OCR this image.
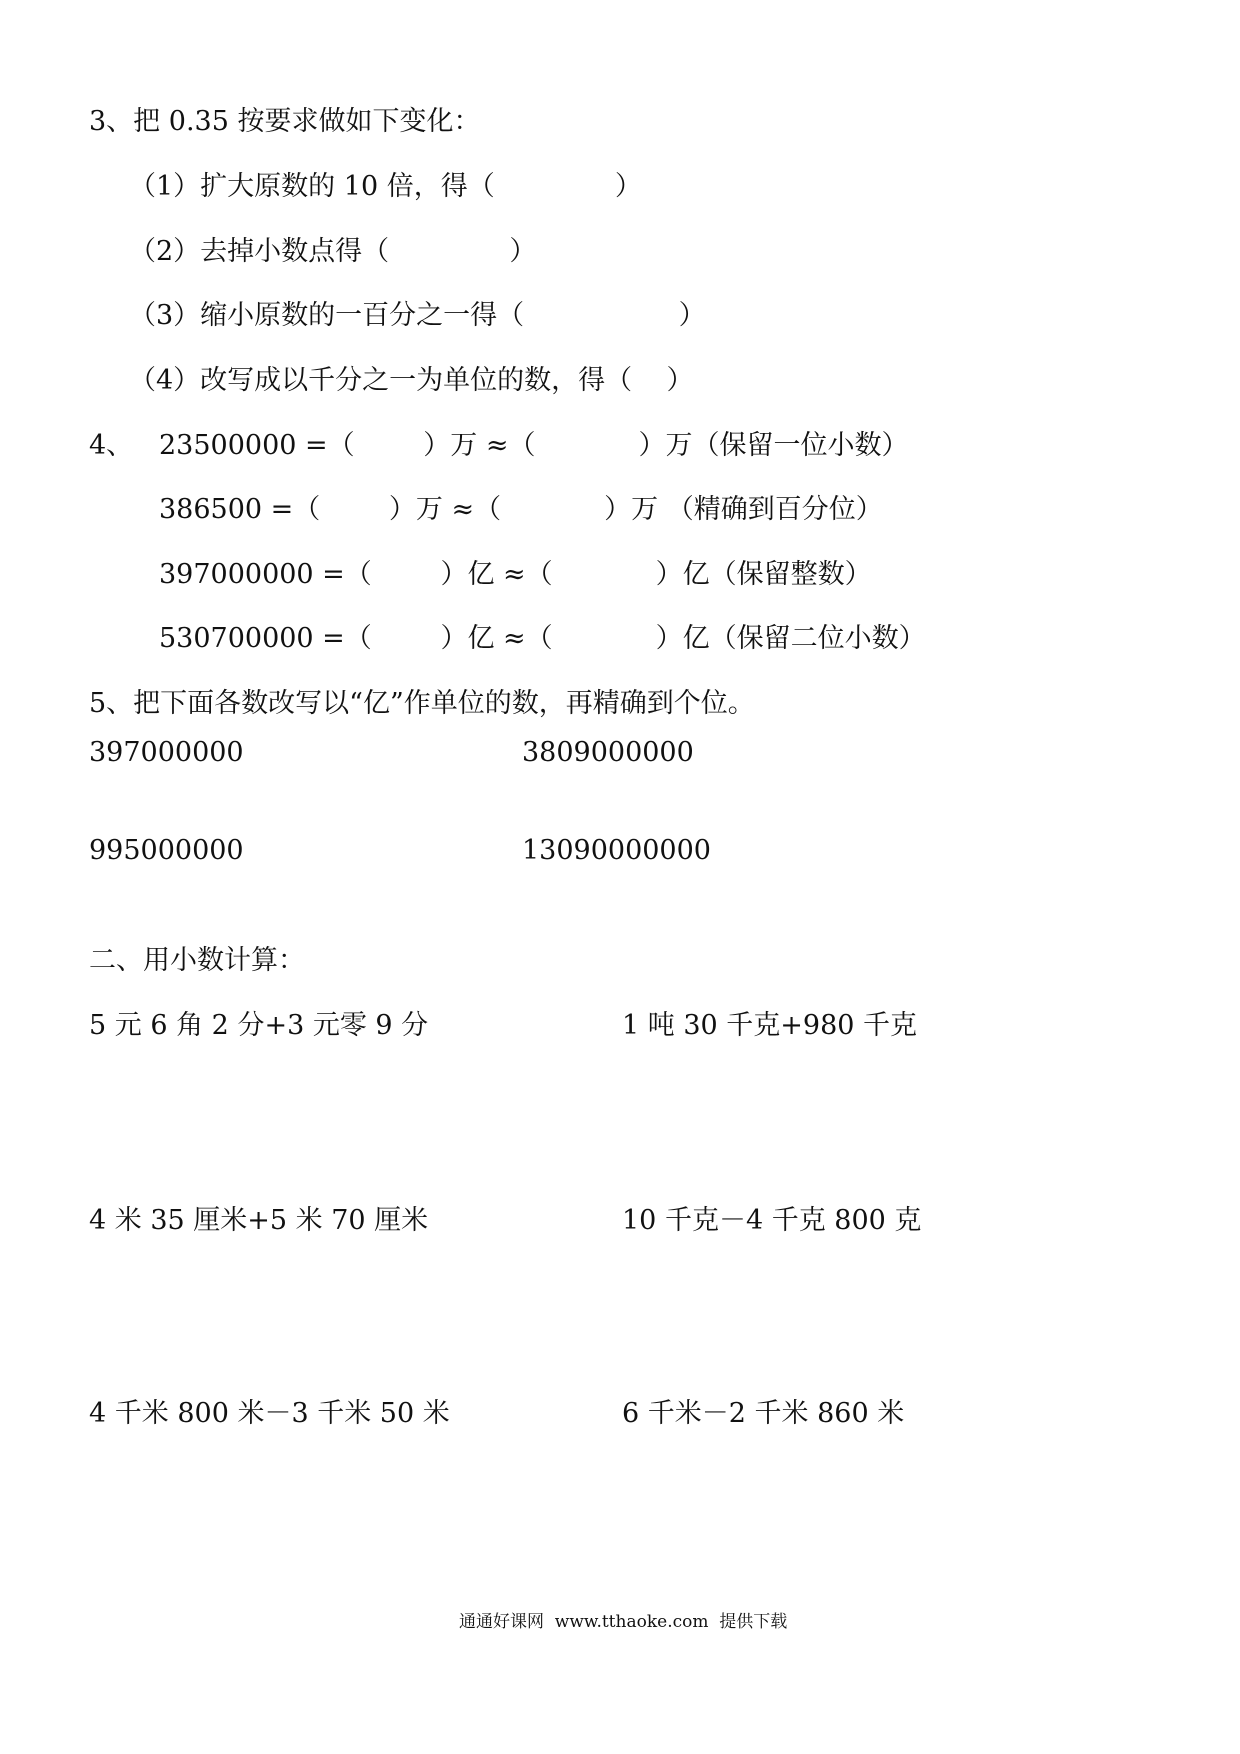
3、把 0.35 按要求做如下变化：
（1）扩大原数的 10 倍，得（              ）
（2）去掉小数点得（              ）
（3）缩小原数的一百分之一得（                  ）
（4）改写成以千分之一为单位的数，得（    ）
4、 23500000 =（        ）万 ≈（            ）万（保留一位小数）
386500 =（        ）万 ≈（            ）万 （精确到百分位）
397000000 =（        ）亿 ≈（            ）亿（保留整数）
530700000 =（        ）亿 ≈（            ）亿（保留二位小数）
5、把下面各数改写以“亿”作单位的数，再精确到个位。
397000000	3809000000
995000000	13090000000
二、用小数计算：
5 元 6 角 2 分+3 元零 9 分	1 吨 30 千克+980 千克
4 米 35 厘米+5 米 70 厘米	10 千克－4 千克 800 克
4 千米 800 米－3 千米 50 米	6 千米－2 千米 860 米
通通好课网  www.tthaoke.com  提供下载
